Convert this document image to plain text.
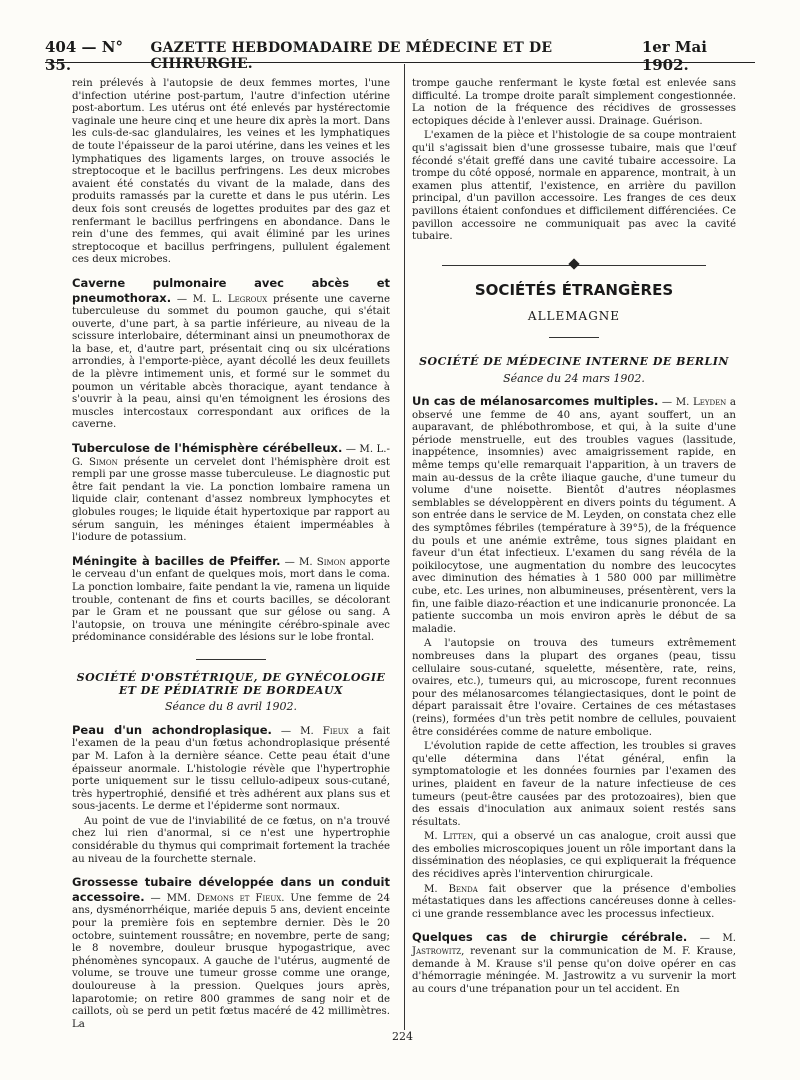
404 — N° 35.
GAZETTE HEBDOMADAIRE DE MÉDECINE ET DE CHIRURGIE.
1er Mai 1902.

rein prélevés à l'autopsie de deux femmes mortes, l'une d'infection utérine post-partum, l'autre d'infection utérine post-abortum. Les utérus ont été enlevés par hystérectomie vaginale une heure cinq et une heure dix après la mort. Dans les culs-de-sac glandulaires, les veines et les lymphatiques de toute l'épaisseur de la paroi utérine, dans les veines et les lymphatiques des ligaments larges, on trouve associés le streptocoque et le bacillus perfringens. Les deux microbes avaient été constatés du vivant de la malade, dans des produits ramassés par la curette et dans le pus utérin. Les deux fois sont creusés de logettes produites par des gaz et renfermant le bacillus perfringens en abondance. Dans le rein d'une des femmes, qui avait éliminé par les urines streptocoque et bacillus perfringens, pullulent également ces deux microbes.

Caverne pulmonaire avec abcès et pneumothorax. — M. L. Legroux présente une caverne tuberculeuse du sommet du poumon gauche, qui s'était ouverte, d'une part, à sa partie inférieure, au niveau de la scissure interlobaire, déterminant ainsi un pneumothorax de la base, et, d'autre part, présentait cinq ou six ulcérations arrondies, à l'emporte-pièce, ayant décollé les deux feuillets de la plèvre intimement unis, et formé sur le sommet du poumon un véritable abcès thoracique, ayant tendance à s'ouvrir à la peau, ainsi qu'en témoignent les érosions des muscles intercostaux correspondant aux orifices de la caverne.

Tuberculose de l'hémisphère cérébelleux. — M. L.-G. Simon présente un cervelet dont l'hémisphère droit est rempli par une grosse masse tuberculeuse. Le diagnostic put être fait pendant la vie. La ponction lombaire ramena un liquide clair, contenant d'assez nombreux lymphocytes et globules rouges; le liquide était hypertoxique par rapport au sérum sanguin, les méninges étaient imperméables à l'iodure de potassium.

Méningite à bacilles de Pfeiffer. — M. Simon apporte le cerveau d'un enfant de quelques mois, mort dans le coma. La ponction lombaire, faite pendant la vie, ramena un liquide trouble, contenant de fins et courts bacilles, se décolorant par le Gram et ne poussant que sur gélose ou sang. A l'autopsie, on trouva une méningite cérébro-spinale avec prédominance considérable des lésions sur le lobe frontal.

SOCIÉTÉ D'OBSTÉTRIQUE, DE GYNÉCOLOGIE ET DE PÉDIATRIE DE BORDEAUX
Séance du 8 avril 1902.

Peau d'un achondroplasique. — M. Fieux a fait l'examen de la peau d'un fœtus achondroplasique présenté par M. Lafon à la dernière séance. Cette peau était d'une épaisseur anormale. L'histologie révèle que l'hypertrophie porte uniquement sur le tissu cellulo-adipeux sous-cutané, très hypertrophié, densifié et très adhérent aux plans sus et sous-jacents. Le derme et l'épiderme sont normaux.

Au point de vue de l'inviabilité de ce fœtus, on n'a trouvé chez lui rien d'anormal, si ce n'est une hypertrophie considérable du thymus qui comprimait fortement la trachée au niveau de la fourchette sternale.

Grossesse tubaire développée dans un conduit accessoire. — MM. Demons et Fieux. Une femme de 24 ans, dysménorrhéique, mariée depuis 5 ans, devient enceinte pour la première fois en septembre dernier. Dès le 20 octobre, suintement roussâtre; en novembre, perte de sang; le 8 novembre, douleur brusque hypogastrique, avec phénomènes syncopaux. A gauche de l'utérus, augmenté de volume, se trouve une tumeur grosse comme une orange, douloureuse à la pression. Quelques jours après, laparotomie; on retire 800 grammes de sang noir et de caillots, où se perd un petit fœtus macéré de 42 millimètres. La

trompe gauche renfermant le kyste fœtal est enlevée sans difficulté. La trompe droite paraît simplement congestionnée. La notion de la fréquence des récidives de grossesses ectopiques décide à l'enlever aussi. Drainage. Guérison.

L'examen de la pièce et l'histologie de sa coupe montraient qu'il s'agissait bien d'une grossesse tubaire, mais que l'œuf fécondé s'était greffé dans une cavité tubaire accessoire. La trompe du côté opposé, normale en apparence, montrait, à un examen plus attentif, l'existence, en arrière du pavillon principal, d'un pavillon accessoire. Les franges de ces deux pavillons étaient confondues et difficilement différenciées. Ce pavillon accessoire ne communiquait pas avec la cavité tubaire.

SOCIÉTÉS ÉTRANGÈRES
ALLEMAGNE
SOCIÉTÉ DE MÉDECINE INTERNE DE BERLIN
Séance du 24 mars 1902.

Un cas de mélanosarcomes multiples. — M. Leyden a observé une femme de 40 ans, ayant souffert, un an auparavant, de phlébothrombose, et qui, à la suite d'une période menstruelle, eut des troubles vagues (lassitude, inappétence, insomnies) avec amaigrissement rapide, en même temps qu'elle remarquait l'apparition, à un travers de main au-dessus de la crête iliaque gauche, d'une tumeur du volume d'une noisette. Bientôt d'autres néoplasmes semblables se développèrent en divers points du tégument. A son entrée dans le service de M. Leyden, on constata chez elle des symptômes fébriles (température à 39°5), de la fréquence du pouls et une anémie extrême, tous signes plaidant en faveur d'un état infectieux. L'examen du sang révéla de la poikilocytose, une augmentation du nombre des leucocytes avec diminution des hématies à 1 580 000 par millimètre cube, etc. Les urines, non albumineuses, présentèrent, vers la fin, une faible diazo-réaction et une indicanurie prononcée. La patiente succomba un mois environ après le début de sa maladie.

A l'autopsie on trouva des tumeurs extrêmement nombreuses dans la plupart des organes (peau, tissu cellulaire sous-cutané, squelette, mésentère, rate, reins, ovaires, etc.), tumeurs qui, au microscope, furent reconnues pour des mélanosarcomes télangiectasiques, dont le point de départ paraissait être l'ovaire. Certaines de ces métastases (reins), formées d'un très petit nombre de cellules, pouvaient être considérées comme de nature embolique.

L'évolution rapide de cette affection, les troubles si graves qu'elle détermina dans l'état général, enfin la symptomatologie et les données fournies par l'examen des urines, plaident en faveur de la nature infectieuse de ces tumeurs (peut-être causées par des protozoaires), bien que des essais d'inoculation aux animaux soient restés sans résultats.

M. Litten, qui a observé un cas analogue, croit aussi que des embolies microscopiques jouent un rôle important dans la dissémination des néoplasies, ce qui expliquerait la fréquence des récidives après l'intervention chirurgicale.

M. Benda fait observer que la présence d'embolies métastatiques dans les affections cancéreuses donne à celles-ci une grande ressemblance avec les processus infectieux.

Quelques cas de chirurgie cérébrale. — M. Jastrowitz, revenant sur la communication de M. F. Krause, demande à M. Krause s'il pense qu'on doive opérer en cas d'hémorragie méningée. M. Jastrowitz a vu survenir la mort au cours d'une trépanation pour un tel accident. En

224
